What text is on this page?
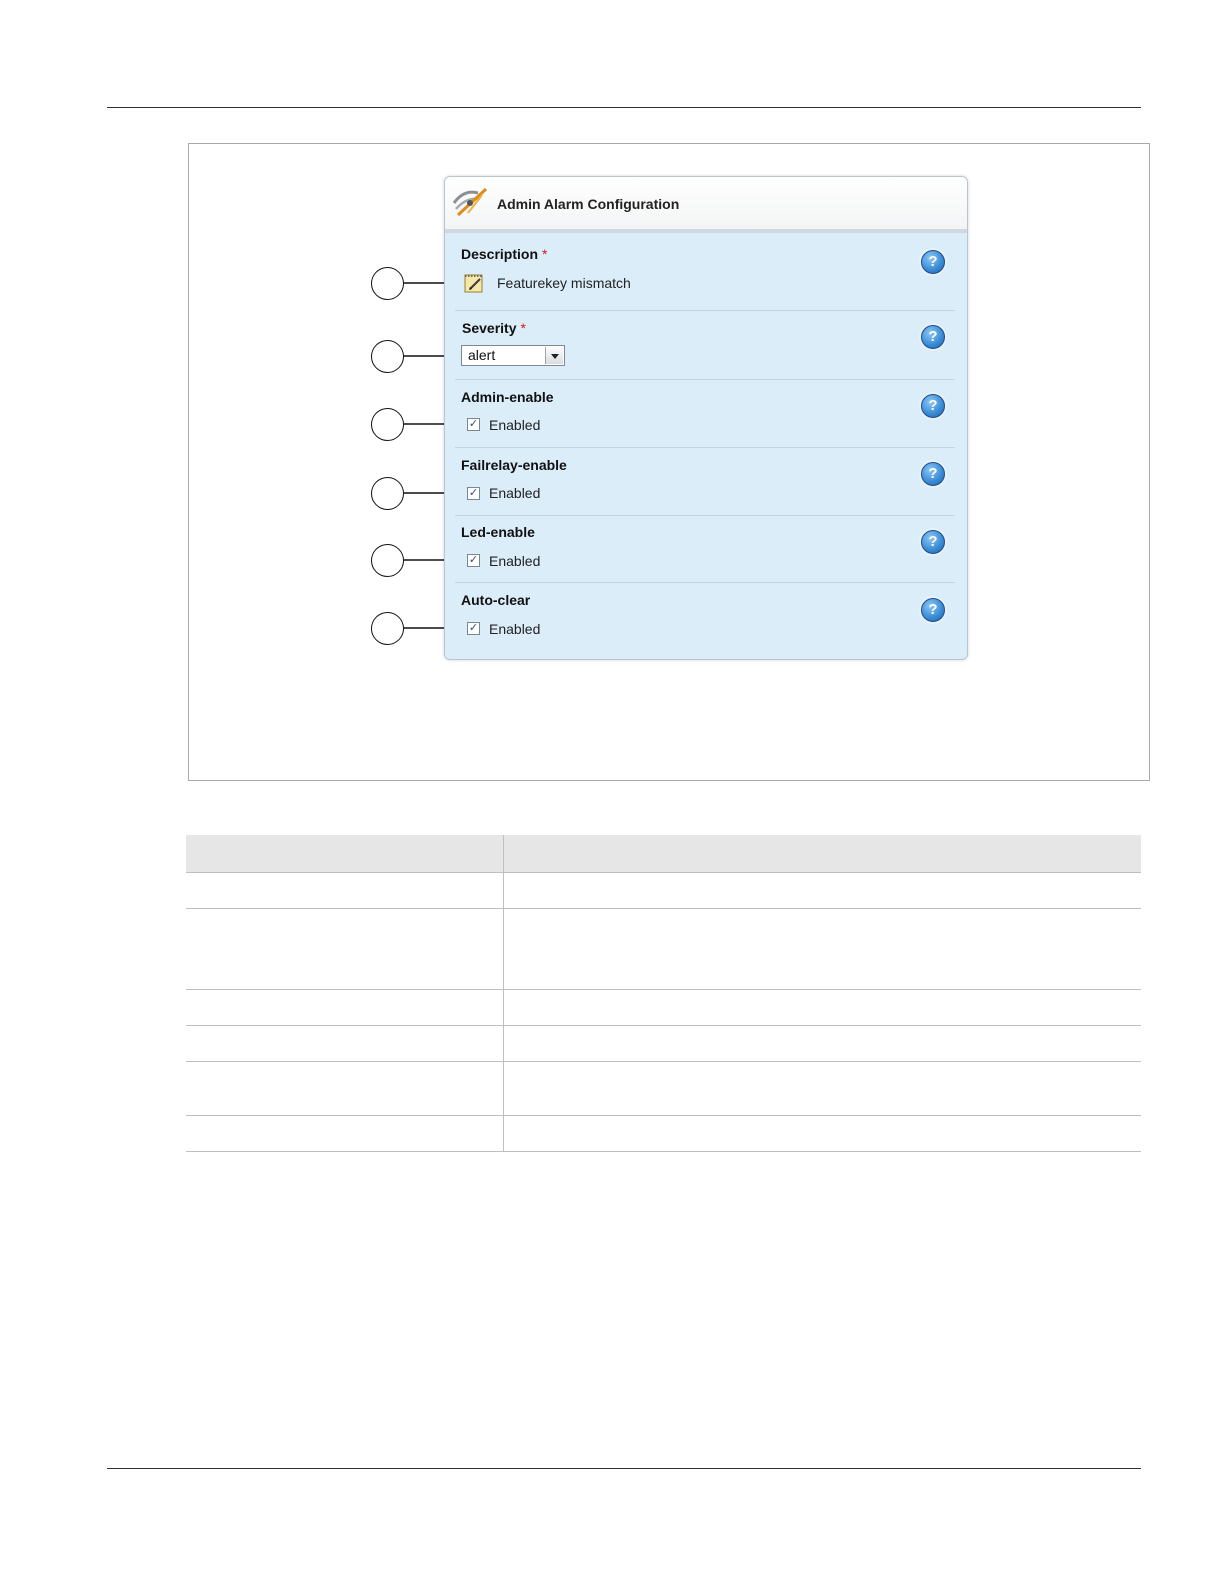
Admin Alarm Configuration
Description *	?
Featurekey mismatch
Severity *	?
alert
Admin-enable	?
✓ Enabled
Failrelay-enable	?
✓ Enabled
Led-enable
?
✓ Enabled
Auto-clear
?
✓ Enabled
